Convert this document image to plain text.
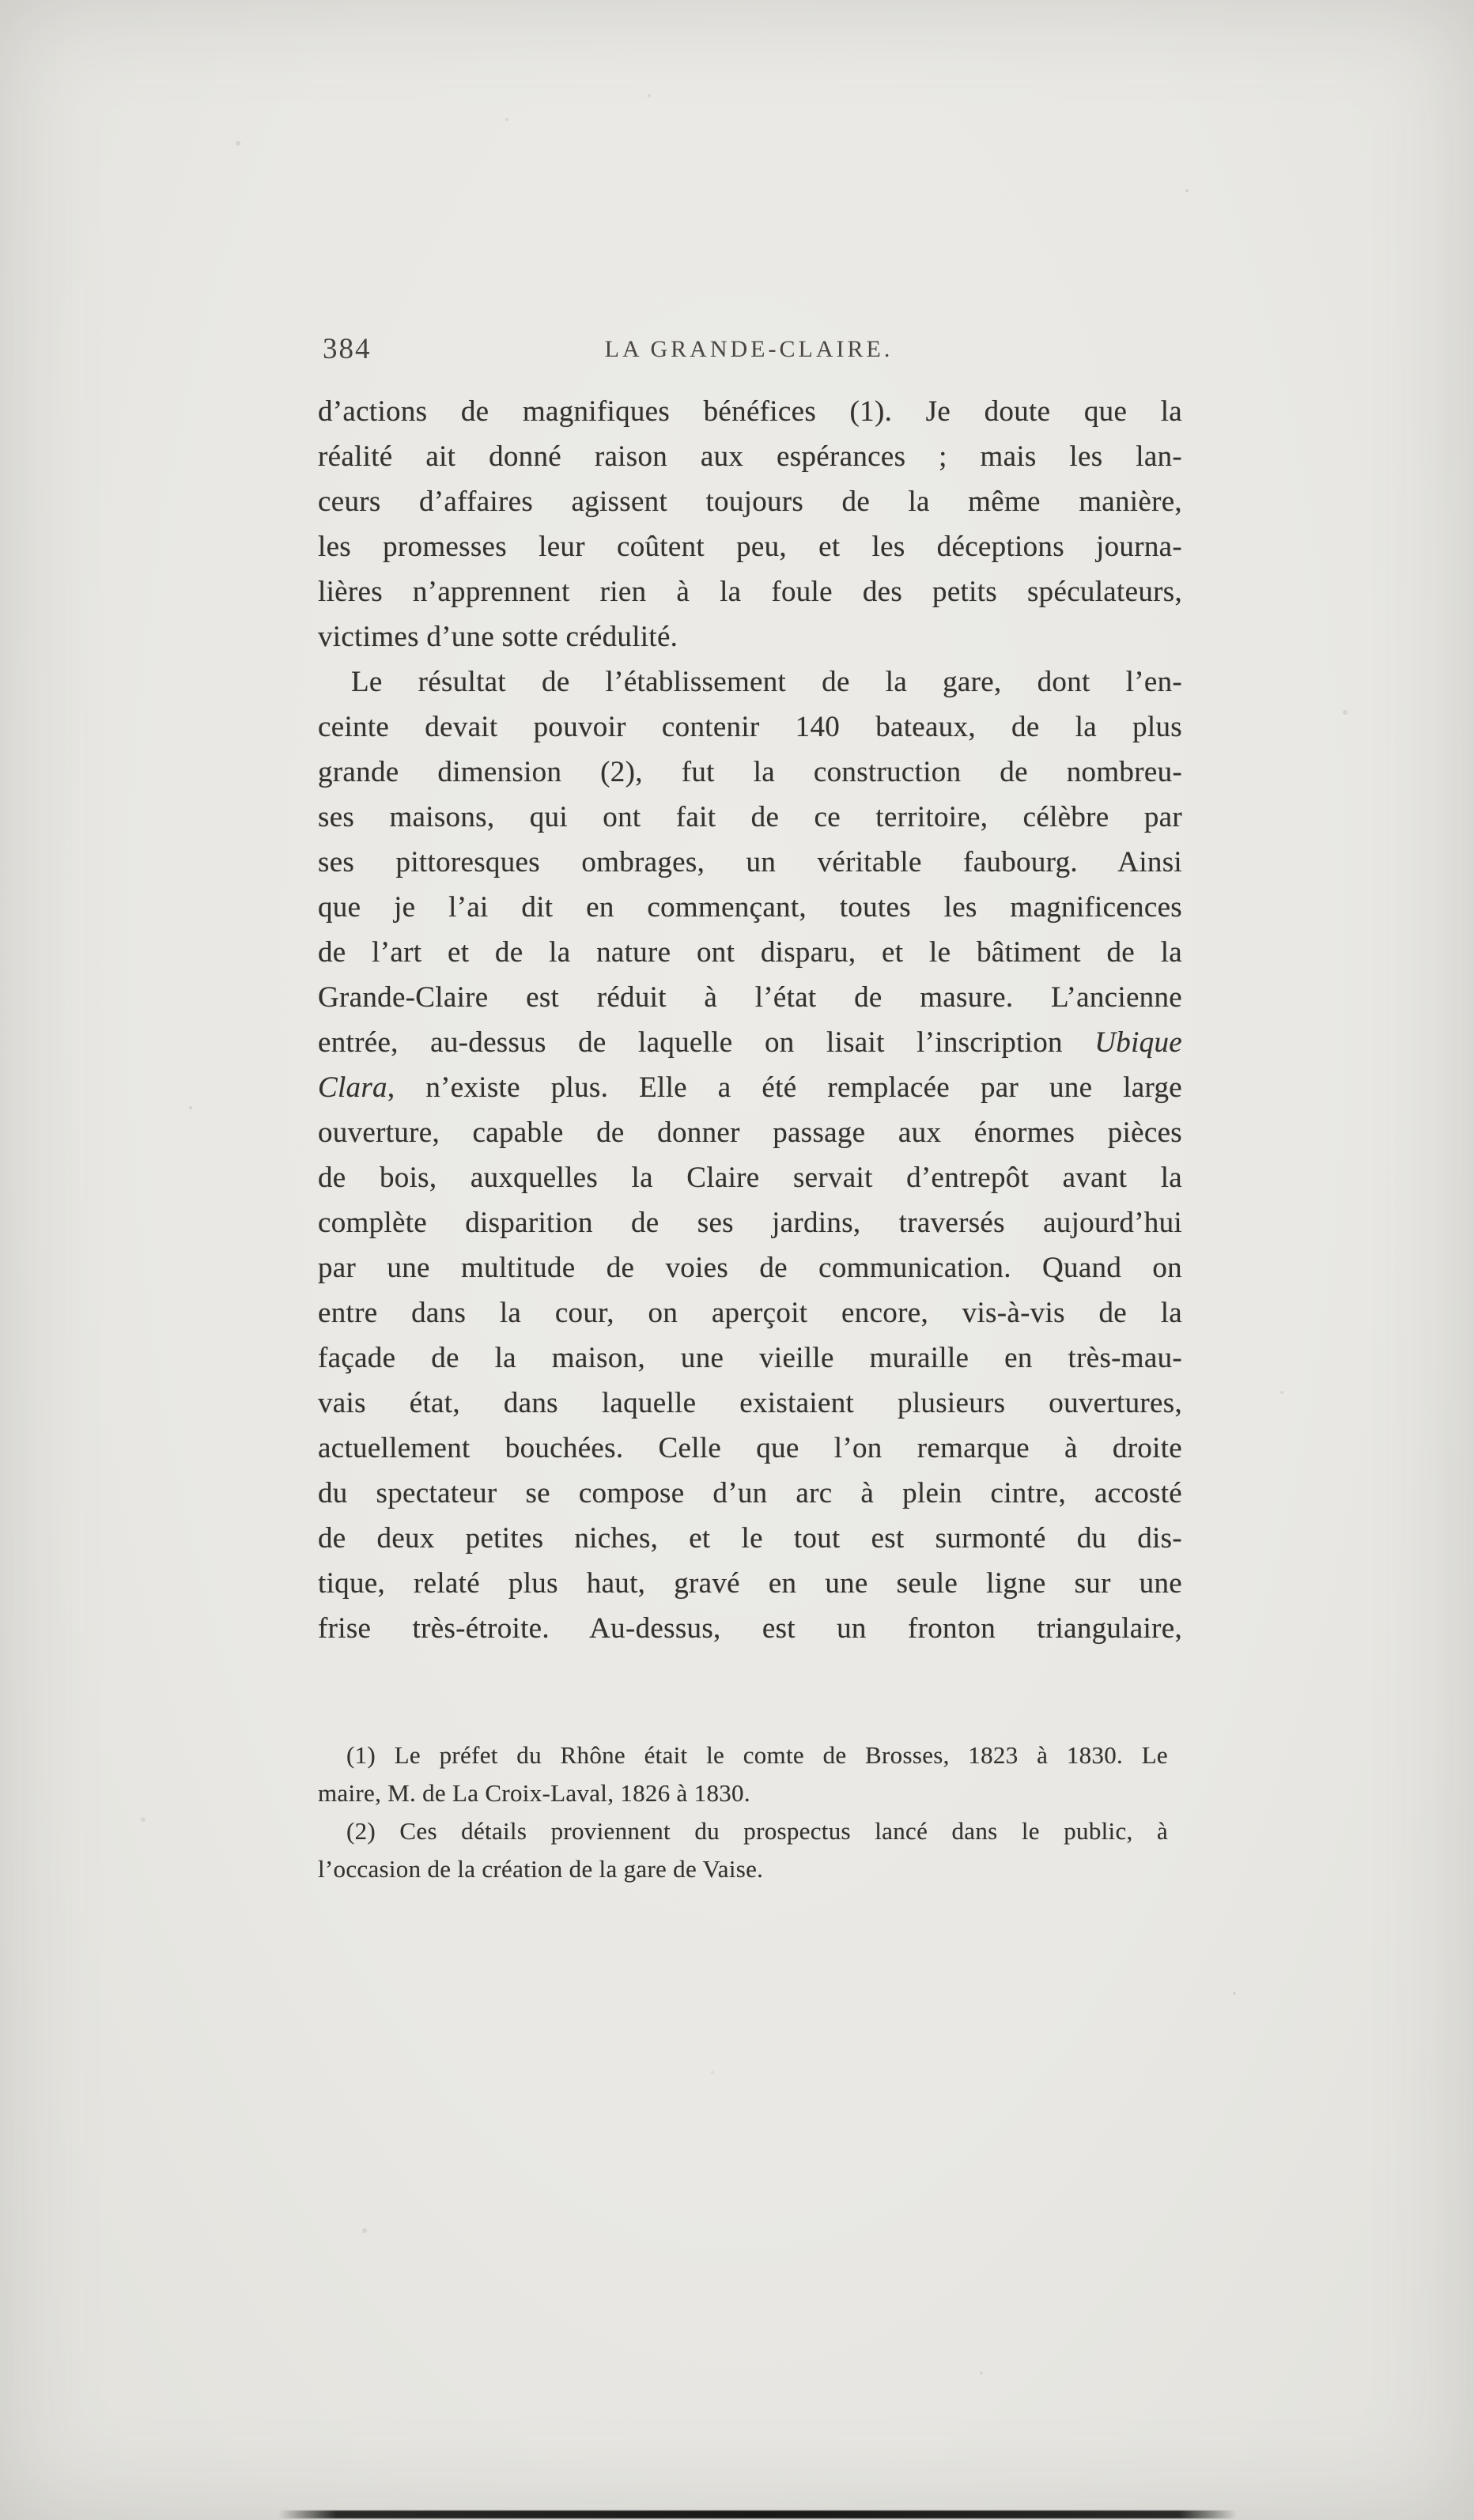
384	LA GRANDE-CLAIRE.
d’actions de magnifiques bénéfices (1). Je doute que la
réalité ait donné raison aux espérances ; mais les lan-
ceurs d’affaires agissent toujours de la même manière,
les promesses leur coûtent peu, et les déceptions journa-
lières n’apprennent rien à la foule des petits spéculateurs,
victimes d’une sotte crédulité.
Le résultat de l’établissement de la gare, dont l’en-
ceinte devait pouvoir contenir 140 bateaux, de la plus
grande dimension (2), fut la construction de nombreu-
ses maisons, qui ont fait de ce territoire, célèbre par
ses pittoresques ombrages, un véritable faubourg. Ainsi
que je l’ai dit en commençant, toutes les magnificences
de l’art et de la nature ont disparu, et le bâtiment de la
Grande-Claire est réduit à l’état de masure. L’ancienne
entrée, au-dessus de laquelle on lisait l’inscription Ubique
Clara, n’existe plus. Elle a été remplacée par une large
ouverture, capable de donner passage aux énormes pièces
de bois, auxquelles la Claire servait d’entrepôt avant la
complète disparition de ses jardins, traversés aujourd’hui
par une multitude de voies de communication. Quand on
entre dans la cour, on aperçoit encore, vis-à-vis de la
façade de la maison, une vieille muraille en très-mau-
vais état, dans laquelle existaient plusieurs ouvertures,
actuellement bouchées. Celle que l’on remarque à droite
du spectateur se compose d’un arc à plein cintre, accosté
de deux petites niches, et le tout est surmonté du dis-
tique, relaté plus haut, gravé en une seule ligne sur une
frise très-étroite. Au-dessus, est un fronton triangulaire,
(1) Le préfet du Rhône était le comte de Brosses, 1823 à 1830. Le
maire, M. de La Croix-Laval, 1826 à 1830.
(2) Ces détails proviennent du prospectus lancé dans le public, à
l’occasion de la création de la gare de Vaise.
